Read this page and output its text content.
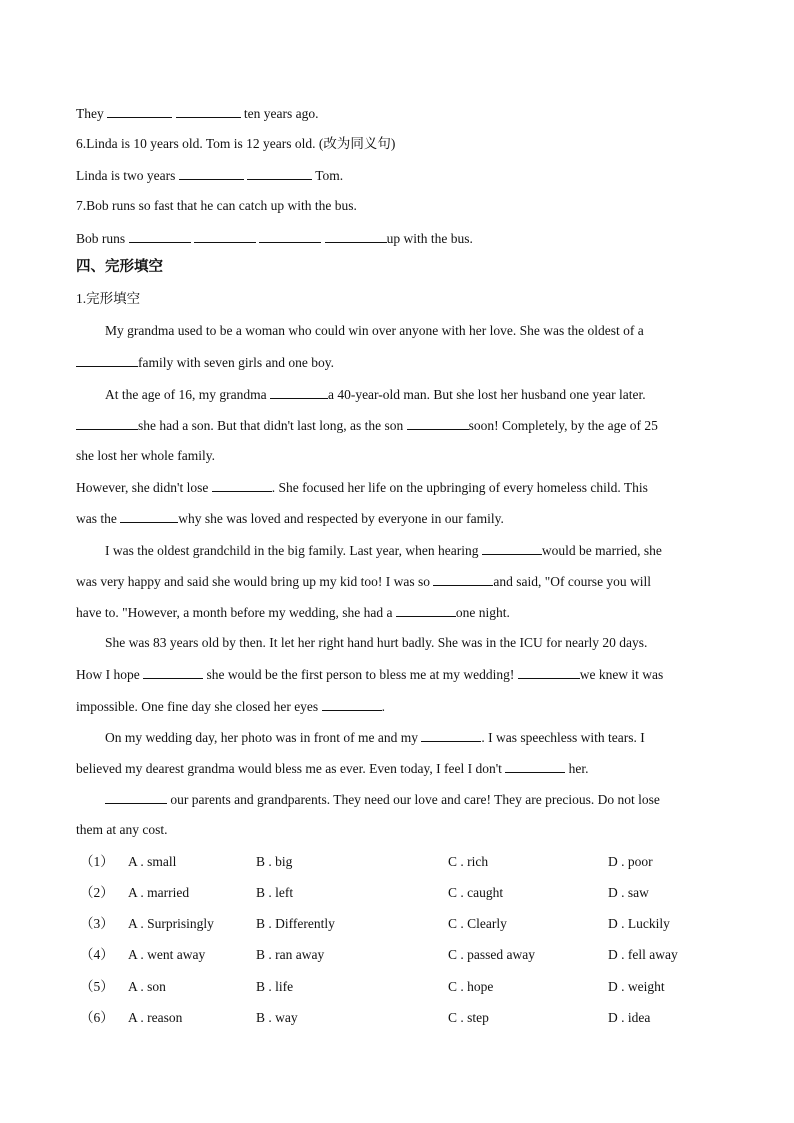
They	ten years ago.
6.Linda is 10 years old. Tom is 12 years old. (改为同义句)
Linda is two years	Tom.
7.Bob runs so fast that he can catch up with the bus.
Bob runs	up with the bus.
四、完形填空
1.完形填空
My grandma used to be a woman who could win over anyone with her love. She was the oldest of a
family with seven girls and one boy.
At the age of 16, my grandma	a 40-year-old man. But she lost her husband one year later.
she had a son. But that didn't last long, as the son	soon! Completely, by the age of 25
she lost her whole family.
However, she didn't lose	. She focused her life on the upbringing of every homeless child. This
was the	why she was loved and respected by everyone in our family.
I was the oldest grandchild in the big family. Last year, when hearing	would be married, she
was very happy and said she would bring up my kid too! I was so	and said, "Of course you will
have to. "However, a month before my wedding, she had a	one night.
She was 83 years old by then. It let her right hand hurt badly. She was in the ICU for nearly 20 days.
How I hope	she would be the first person to bless me at my wedding!	we knew it was
impossible. One fine day she closed her eyes	.
On my wedding day, her photo was in front of me and my	. I was speechless with tears. I
believed my dearest grandma would bless me as ever. Even today, I feel I don't	her.
our parents and grandparents. They need our love and care! They are precious. Do not lose
them at any cost.
（1） A . small	B . big	C . rich	D . poor
（2） A . married	B . left	C . caught	D . saw
（3） A . Surprisingly	B . Differently	C . Clearly	D . Luckily
（4） A . went away	B . ran away	C . passed away	D . fell away
（5） A . son	B . life	C . hope	D . weight
（6） A . reason	B . way	C . step	D . idea
